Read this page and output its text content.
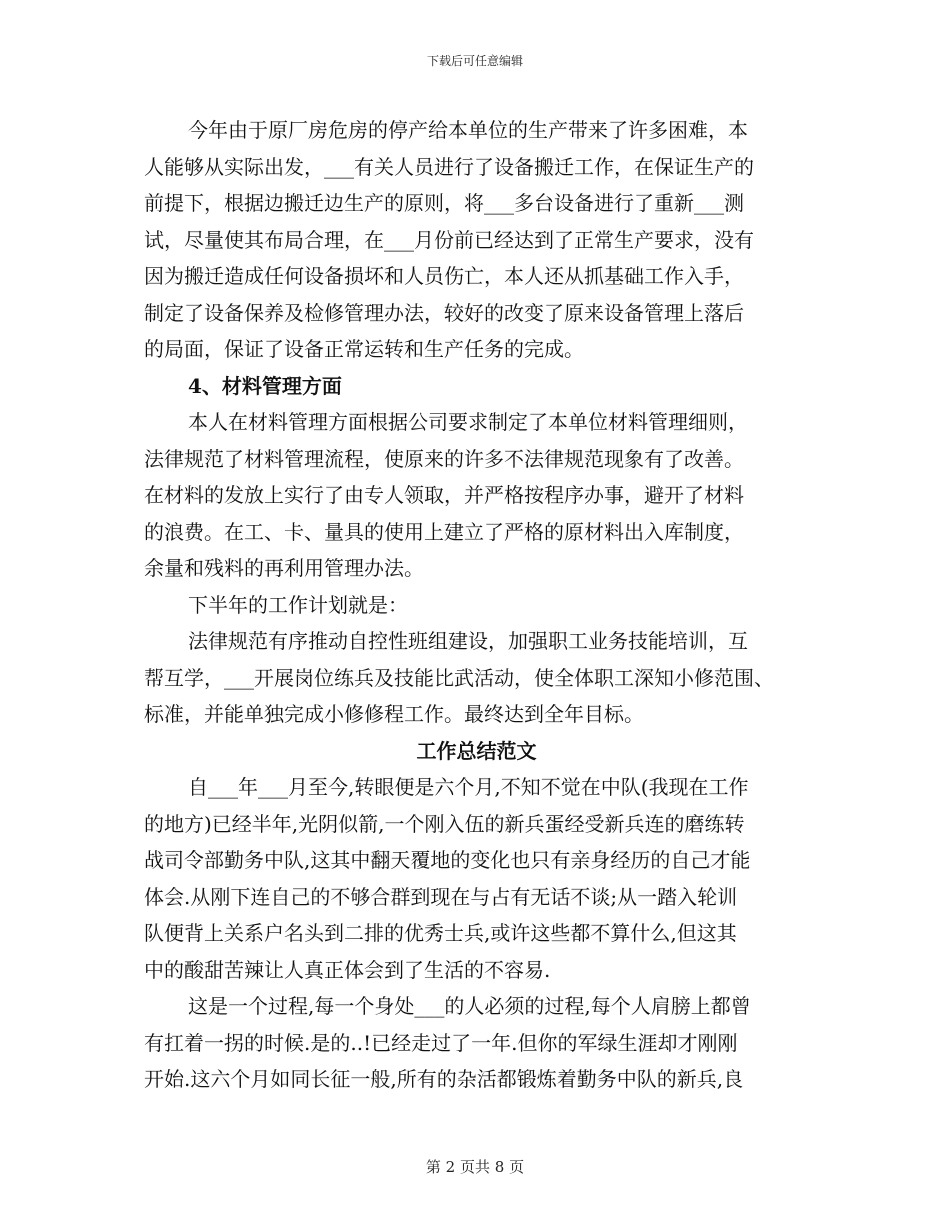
下载后可任意编辑
今年由于原厂房危房的停产给本单位的生产带来了许多困难，本
人能够从实际出发，___有关人员进行了设备搬迁工作，在保证生产的
前提下，根据边搬迁边生产的原则，将___多台设备进行了重新___测
试，尽量使其布局合理，在___月份前已经达到了正常生产要求，没有
因为搬迁造成任何设备损坏和人员伤亡，本人还从抓基础工作入手，
制定了设备保养及检修管理办法，较好的改变了原来设备管理上落后
的局面，保证了设备正常运转和生产任务的完成。
4、材料管理方面
本人在材料管理方面根据公司要求制定了本单位材料管理细则，
法律规范了材料管理流程，使原来的许多不法律规范现象有了改善。
在材料的发放上实行了由专人领取，并严格按程序办事，避开了材料
的浪费。在工、卡、量具的使用上建立了严格的原材料出入库制度，
余量和残料的再利用管理办法。
下半年的工作计划就是：
法律规范有序推动自控性班组建设，加强职工业务技能培训，互
帮互学，___开展岗位练兵及技能比武活动，使全体职工深知小修范围、
标准，并能单独完成小修修程工作。最终达到全年目标。
工作总结范文
自___年___月至今,转眼便是六个月,不知不觉在中队(我现在工作
的地方)已经半年,光阴似箭,一个刚入伍的新兵蛋经受新兵连的磨练转
战司令部勤务中队,这其中翻天覆地的变化也只有亲身经历的自己才能
体会.从刚下连自己的不够合群到现在与占有无话不谈;从一踏入轮训
队便背上关系户名头到二排的优秀士兵,或许这些都不算什么,但这其
中的酸甜苦辣让人真正体会到了生活的不容易.
这是一个过程,每一个身处___的人必须的过程,每个人肩膀上都曾
有扛着一拐的时候.是的..!已经走过了一年.但你的军绿生涯却才刚刚
开始.这六个月如同长征一般,所有的杂活都锻炼着勤务中队的新兵,良
第 2 页共 8 页
